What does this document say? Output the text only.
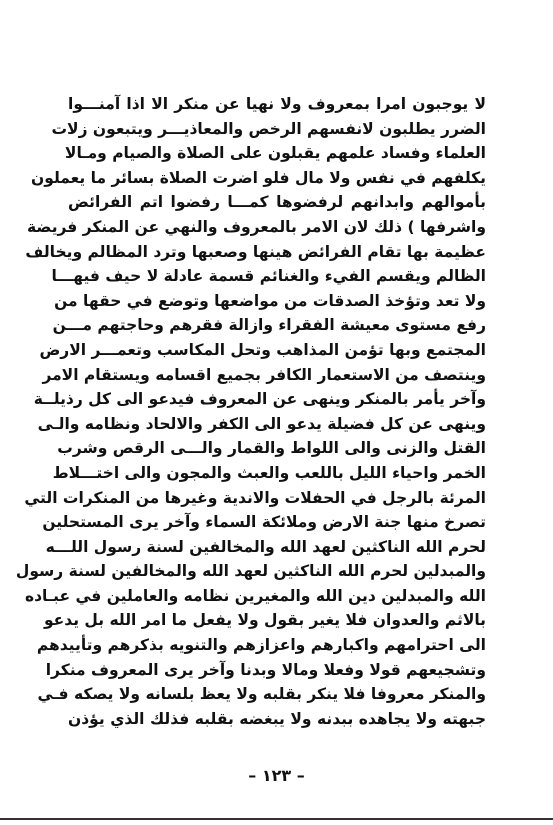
لا يوجبون امرا بمعروف ولا نهيا عن منكر الا اذا آمنـــوا
الضرر يطلبون لانفسهم الرخص والمعاذيـــر ويتبعون زلات
العلماء وفساد علمهم يقبلون على الصلاة والصيام ومـالا
يكلفهم في نفس ولا مال فلو اضرت الصلاة بسائر ما يعملون
بأموالهم وابدانهم لرفضوها كمـــا رفضوا اتم الفرائض
واشرفها ) ذلك لان الامر بالمعروف والنهي عن المنكر فريضة
عظيمة بها تقام الفرائض هينها وصعبها وترد المظالم ويخالف
الظالم ويقسم الفيء والغنائم قسمة عادلة لا حيف فيهـــا
ولا تعد وتؤخذ الصدقات من مواضعها وتوضع في حقها من
رفع مستوى معيشة الفقراء وازالة فقرهم وحاجتهم مـــن
المجتمع وبها تؤمن المذاهب وتحل المكاسب وتعمـــر الارض
وينتصف من الاستعمار الكافر بجميع اقسامه ويستقام الامر
وآخر يأمر بالمنكر وينهى عن المعروف فيدعو الى كل رذيلــة
وينهى عن كل فضيلة يدعو الى الكفر والالحاد ونظامه والـى
القتل والزنى والى اللواط والقمار والـــى الرقص وشرب
الخمر واحياء الليل باللعب والعبث والمجون والى اختـــلاط
المرئة بالرجل في الحفلات والاندية وغيرها من المنكرات التي
تصرخ منها جنة الارض وملائكة السماء وآخر يرى المستحلين
لحرم الله الناكثين لعهد الله والمخالفين لسنة رسول اللـــه
والمبدلين لحرم الله الناكثين لعهد الله والمخالفين لسنة رسول
الله والمبدلين دين الله والمغيرين نظامه والعاملين في عبـاده
بالاثم والعدوان فلا يغير بقول ولا يفعل ما امر الله بل يدعو
الى احترامهم واكبارهم واعزازهم والتنويه بذكرهم وتأييدهم
وتشجيعهم قولا وفعلا ومالا وبدنا وآخر يرى المعروف منكرا
والمنكر معروفا فلا ينكر بقلبه ولا يعظ بلسانه ولا يصكه فـي
جبهته ولا يجاهده ببدنه ولا يبغضه بقلبه فذلك الذي يؤذن
– ١٢٣ –
